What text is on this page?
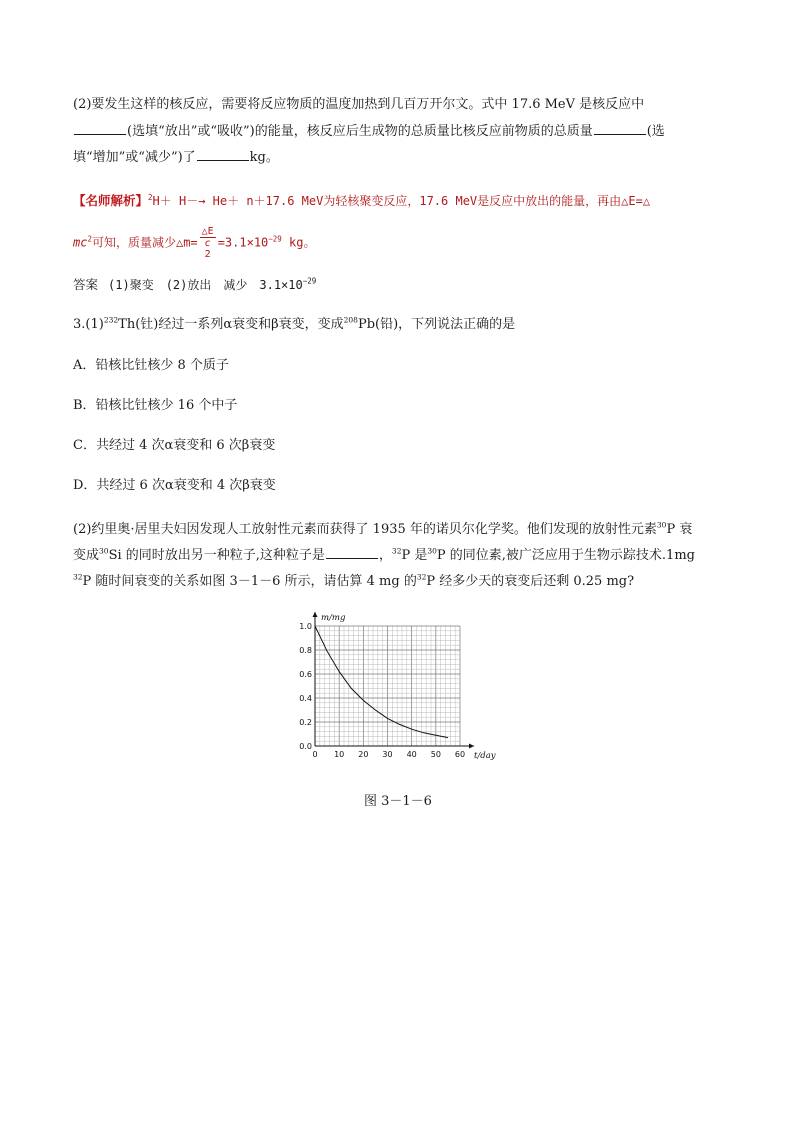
(2)要发生这样的核反应，需要将反应物质的温度加热到几百万开尔文。式中 17.6 MeV 是核反应中
(选填“放出”或“吸收”)的能量，核反应后生成物的总质量比核反应前物质的总质量	(选
填“增加”或“减少”)了	kg。
【名师解析】$^2$H＋ H－→ He＋ n＋17.6 MeV为轻核聚变反应，17.6 MeV是反应中放出的能量，再由△E=△
$mc^2$可知，质量减少△m= △E
c
$2 =3.1\times 10^{-29}$ kg。
答案 (1)聚变　(2)放出　减少　$3.1\times 10^{-29}$
$3.(1)^{232}Th$(钍)经过一系列α衰变和β衰变，变成$^{208}$Pb(铅)，下列说法正确的是
A．铅核比钍核少 8 个质子
B．铅核比钍核少 16 个中子
C．共经过 4 次α衰变和 6 次β衰变
D．共经过 6 次α衰变和 4 次β衰变
(2)约里奥·居里夫妇因发现人工放射性元素而获得了 1935 年的诺贝尔化学奖。他们发现的放射性元素$^{30}$P 衰
变成$^{30}$Si 的同时放出另一种粒子,这种粒子是	，$^{32}$P 是$^{30}$P 的同位素,被广泛应用于生物示踪技术.1mg
$^{32}$P 随时间衰变的关系如图 3－1－6 所示，请估算 4 mg 的$^{32}$P 经多少天的衰变后还剩 0.25 mg?
0 10 20 30 40 50 60
0.0
0.2
0.4
0.6
0.8
1.0
t/day
m/mg
图 3－1－6
